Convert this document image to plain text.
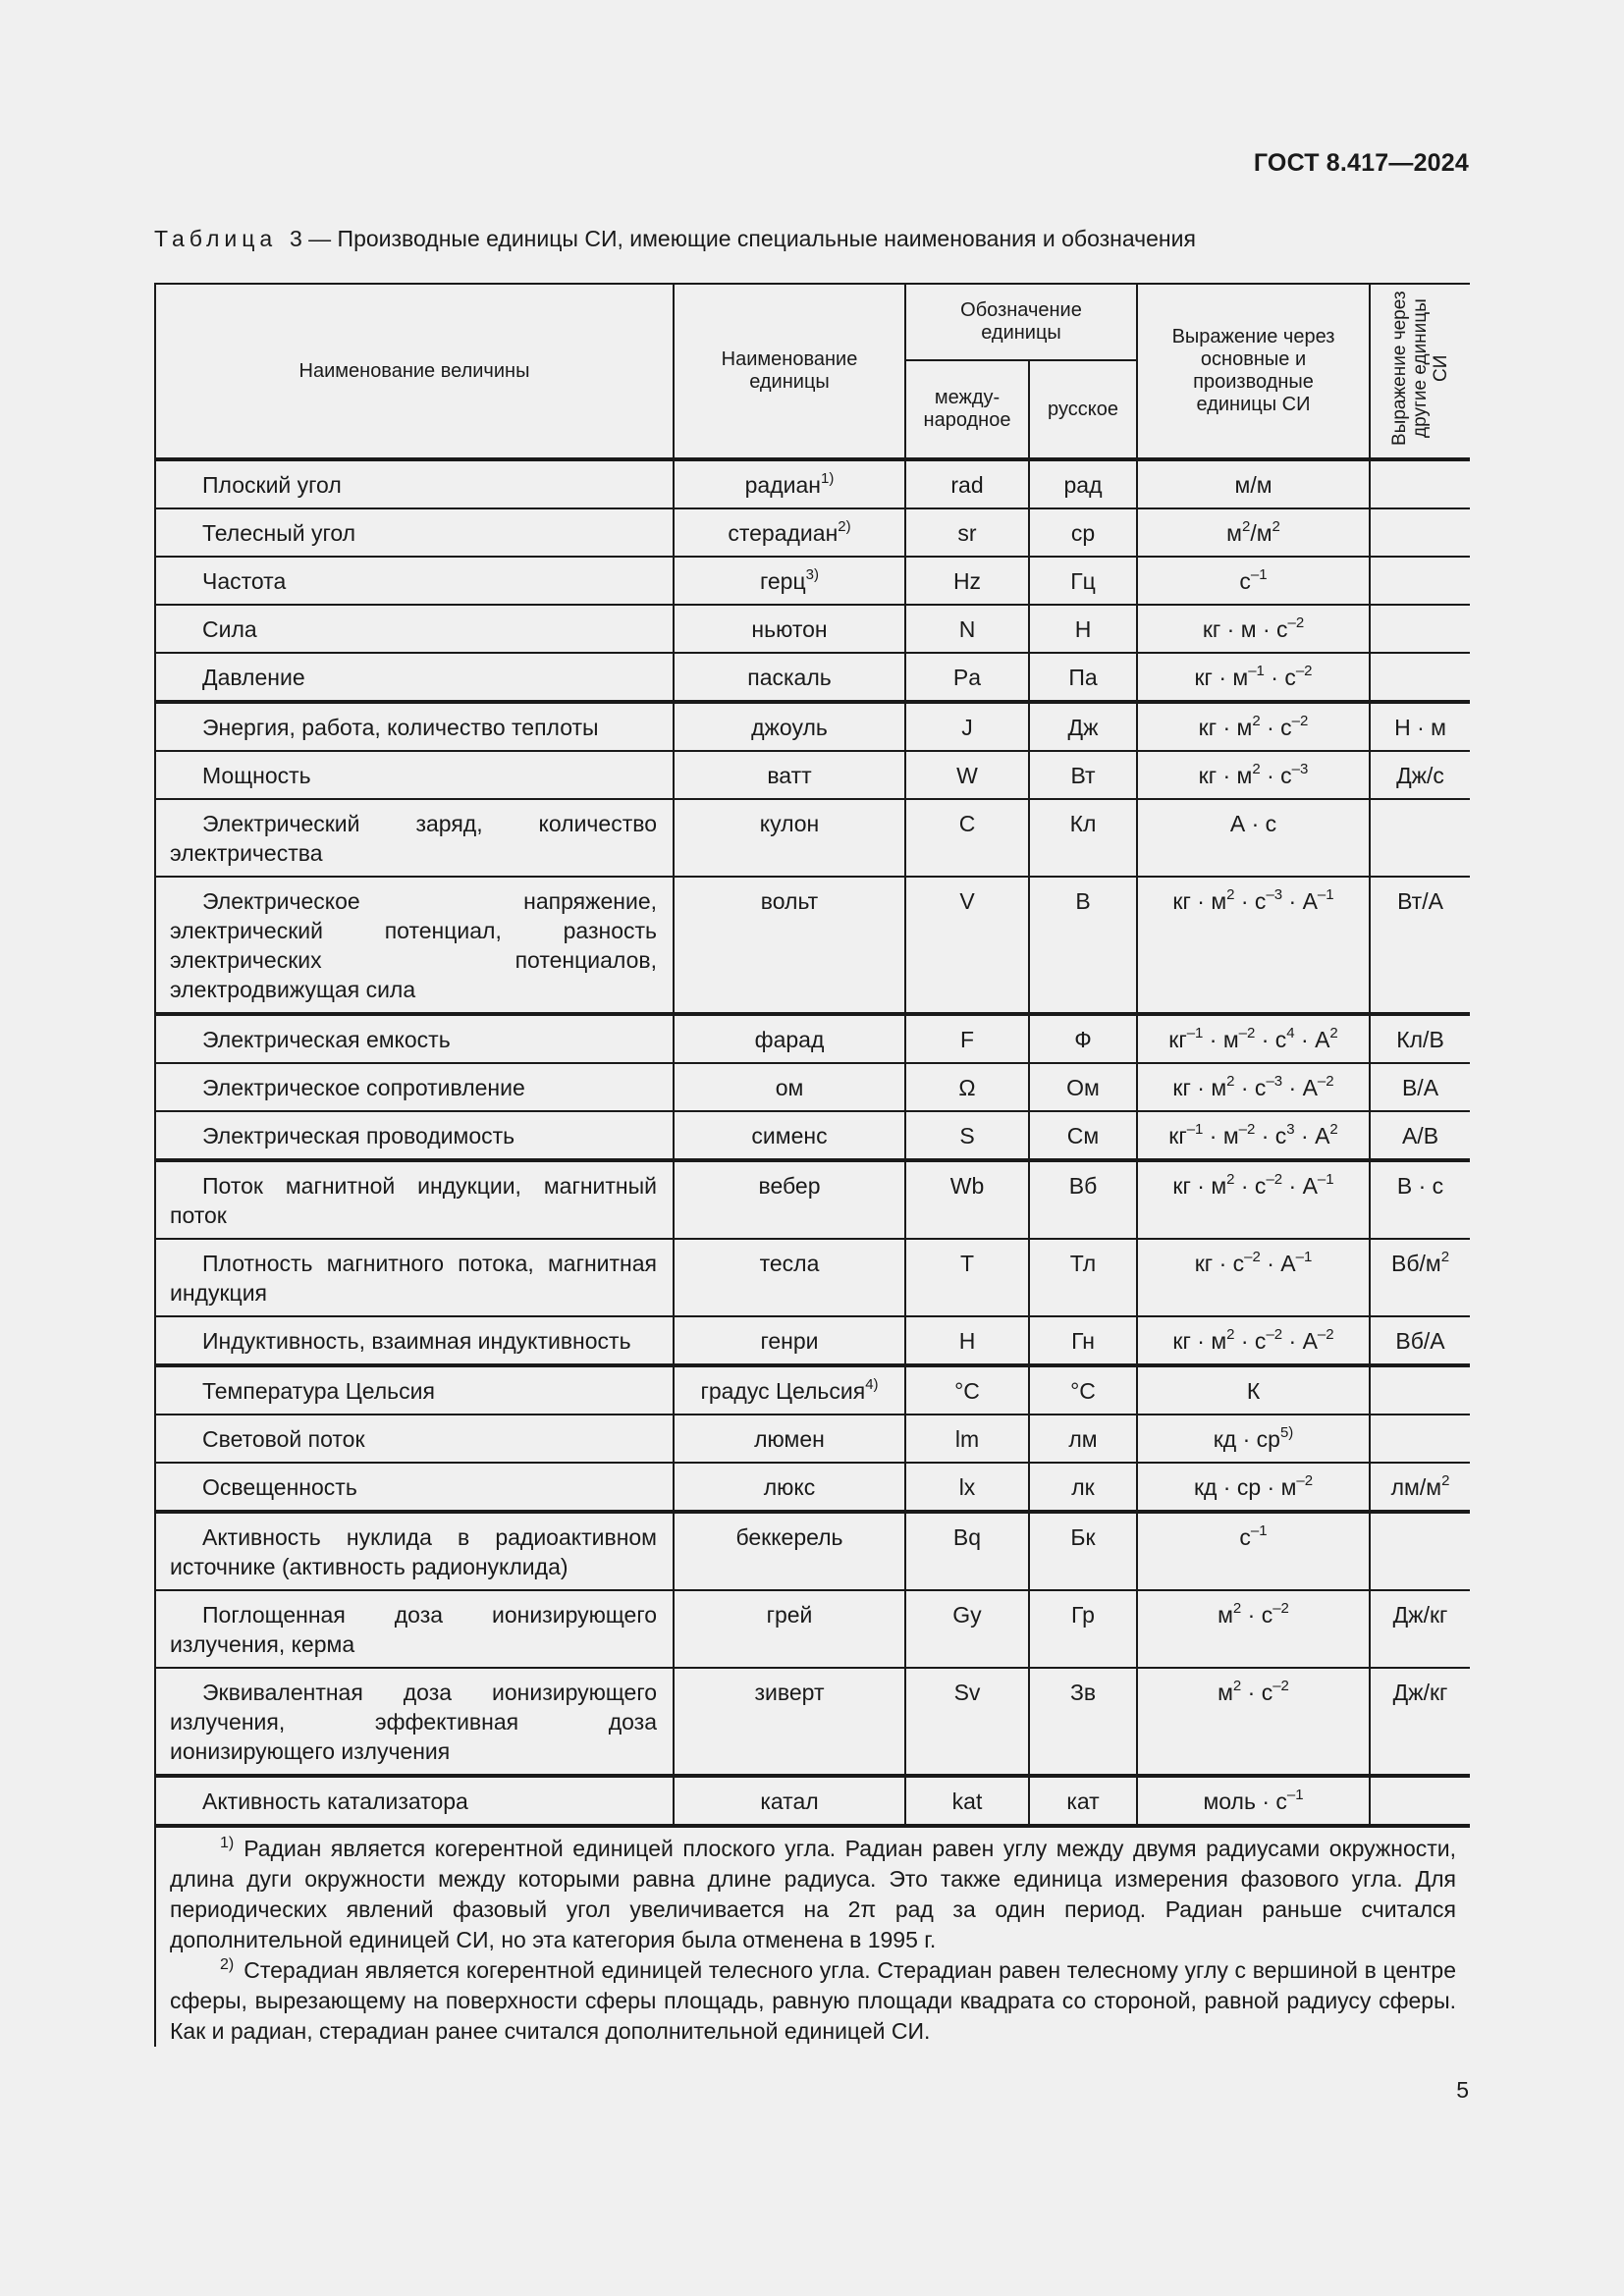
ГОСТ 8.417—2024
Таблица 3 — Производные единицы СИ, имеющие специальные наименования и обозначения
Наименование величины	Наименование единицы	Обозначение единицы		Выражение через основные и производные единицы СИ	Выражение через другие единицы СИ
		между-народное	русское		
Плоский угол	радиан$^{1)}$	rad	рад	м/м	
Телесный угол	стерадиан$^{2)}$	sr	ср	$м^2/м^2$	
Частота	герц$^{3)}$	Hz	Гц	$с^{-1}$	
Сила	ньютон	N	Н	кг · $м \cdot с^{-2}$	
Давление	паскаль	Pa	Па	кг · $м^{-1} \cdot с^{-2}$	
Энергия, работа, количество теплоты	джоуль	J	Дж	кг · $м^2 \cdot с^{-2}$	Н · м
Мощность	ватт	W	Вт	кг · $м^2 \cdot с^{-3}$	Дж/с
Электрический заряд, количество электричества	кулон	C	Кл	А · с	
Электрическое напряжение, электрический потенциал, разность электрических потенциалов, электродвижущая сила	вольт	V	В	кг · $м^2 \cdot с^{-3} \cdot А^{-1}$	Вт/А
Электрическая емкость	фарад	F	Ф	$кг^{-1} \cdot м^{-2} \cdot с^4 \cdot А^2$	Кл/В
Электрическое сопротивление	ом	Ω	Ом	кг · $м^2 \cdot с^{-3} \cdot А^{-2}$	В/А
Электрическая проводимость	сименс	S	См	$кг^{-1} \cdot м^{-2} \cdot с^3 \cdot А^2$	А/В
Поток магнитной индукции, магнитный поток	вебер	Wb	Вб	кг · $м^2 \cdot с^{-2} \cdot А^{-1}$	В · с
Плотность магнитного потока, магнитная индукция	тесла	T	Тл	кг · $с^{-2} \cdot А^{-1}$	$Вб/м^2$
Индуктивность, взаимная индуктивность	генри	H	Гн	кг · $м^2 \cdot с^{-2} \cdot А^{-2}$	Вб/А
Температура Цельсия	градус Цельсия$^{4)}$	°C	°С	К	
Световой поток	люмен	lm	лм	кд · $ср^{5)}$	
Освещенность	люкс	lx	лк	кд · ср · $м^{-2}$	$лм/м^2$
Активность нуклида в радиоактивном источнике (активность радионуклида)	беккерель	Bq	Бк	$с^{-1}$	
Поглощенная доза ионизирующего излучения, керма	грей	Gy	Гр	$м^2 \cdot с^{-2}$	Дж/кг
Эквивалентная доза ионизирующего излучения, эффективная доза ионизирующего излучения	зиверт	Sv	Зв	$м^2 \cdot с^{-2}$	Дж/кг
Активность катализатора	катал	kat	кат	моль · $с^{-1}$	

$^{1)}$ Радиан является когерентной единицей плоского угла. Радиан равен углу между двумя радиусами окружности, длина дуги окружности между которыми равна длине радиуса. Это также единица измерения фазового угла. Для периодических явлений фазовый угол увеличивается на 2π рад за один период. Радиан раньше считался дополнительной единицей СИ, но эта категория была отменена в 1995 г.

$^{2)}$ Стерадиан является когерентной единицей телесного угла. Стерадиан равен телесному углу с вершиной в центре сферы, вырезающему на поверхности сферы площадь, равную площади квадрата со стороной, равной радиусу сферы. Как и радиан, стерадиан ранее считался дополнительной единицей СИ.					

5
